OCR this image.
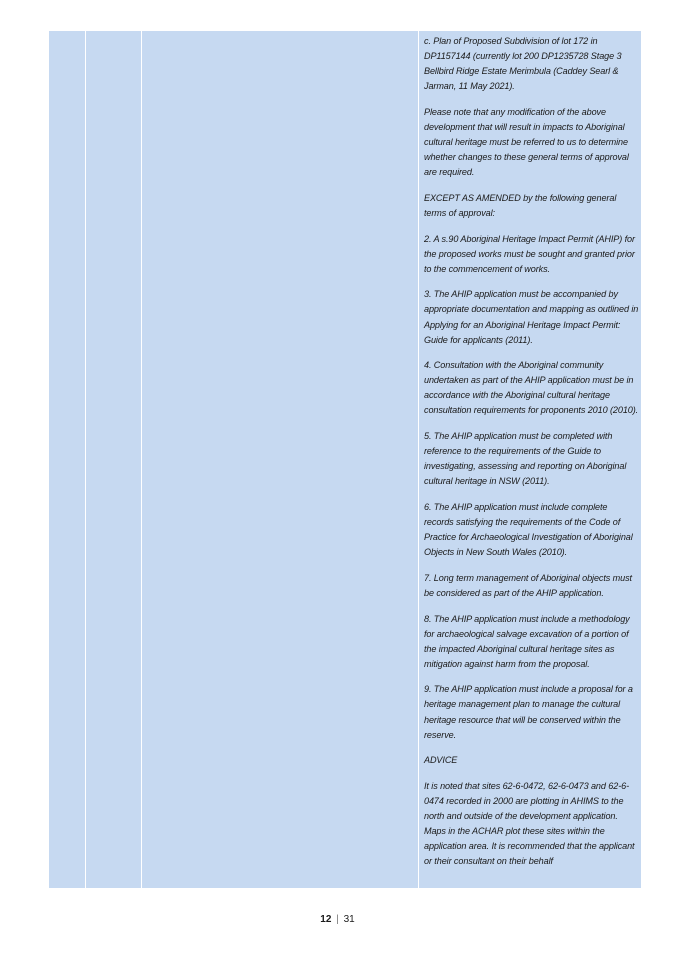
c. Plan of Proposed Subdivision of lot 172 in DP1157144 (currently lot 200 DP1235728 Stage 3 Bellbird Ridge Estate Merimbula (Caddey Searl & Jarman, 11 May 2021).

Please note that any modification of the above development that will result in impacts to Aboriginal cultural heritage must be referred to us to determine whether changes to these general terms of approval are required.

EXCEPT AS AMENDED by the following general terms of approval:

2. A s.90 Aboriginal Heritage Impact Permit (AHIP) for the proposed works must be sought and granted prior to the commencement of works.

3. The AHIP application must be accompanied by appropriate documentation and mapping as outlined in Applying for an Aboriginal Heritage Impact Permit: Guide for applicants (2011).

4. Consultation with the Aboriginal community undertaken as part of the AHIP application must be in accordance with the Aboriginal cultural heritage consultation requirements for proponents 2010 (2010).

5. The AHIP application must be completed with reference to the requirements of the Guide to investigating, assessing and reporting on Aboriginal cultural heritage in NSW (2011).

6. The AHIP application must include complete records satisfying the requirements of the Code of Practice for Archaeological Investigation of Aboriginal Objects in New South Wales (2010).

7. Long term management of Aboriginal objects must be considered as part of the AHIP application.

8. The AHIP application must include a methodology for archaeological salvage excavation of a portion of the impacted Aboriginal cultural heritage sites as mitigation against harm from the proposal.

9. The AHIP application must include a proposal for a heritage management plan to manage the cultural heritage resource that will be conserved within the reserve.

ADVICE

It is noted that sites 62-6-0472, 62-6-0473 and 62-6-0474 recorded in 2000 are plotting in AHIMS to the north and outside of the development application. Maps in the ACHAR plot these sites within the application area. It is recommended that the applicant or their consultant on their behalf

12 | 31
